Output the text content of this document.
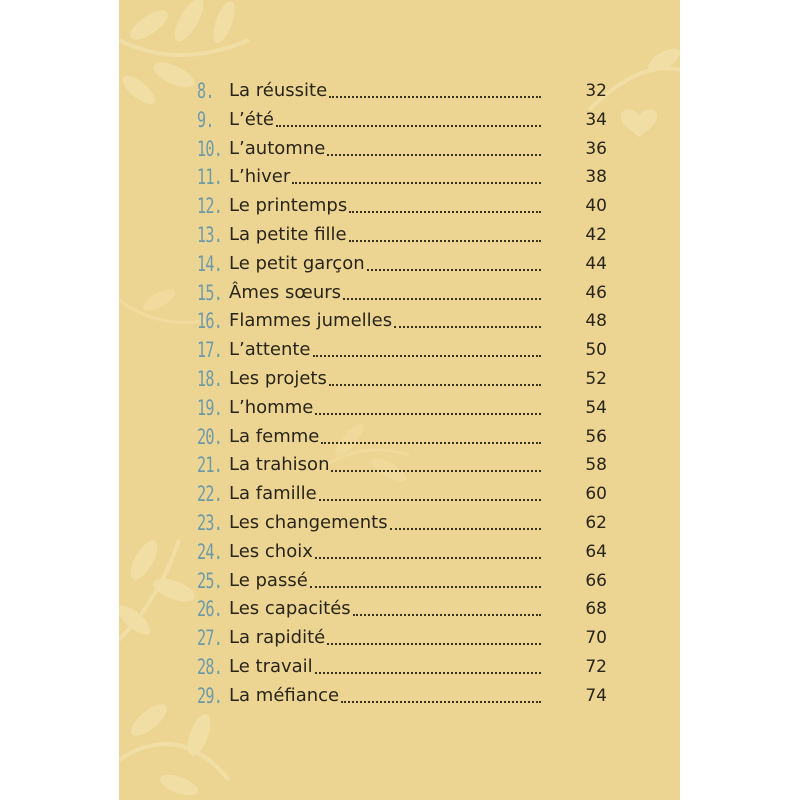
8. La réussite	32
9. L’été	34
10. L’automne	36
11. L’hiver	38
12. Le printemps	40
13. La petite fille	42
14. Le petit garçon	44
15. Âmes sœurs	46
16. Flammes jumelles	48
17. L’attente	50
18. Les projets	52
19. L’homme	54
20. La femme	56
21. La trahison	58
22. La famille	60
23. Les changements	62
24. Les choix	64
25. Le passé	66
26. Les capacités	68
27. La rapidité	70
28. Le travail	72
29. La méfiance	74
